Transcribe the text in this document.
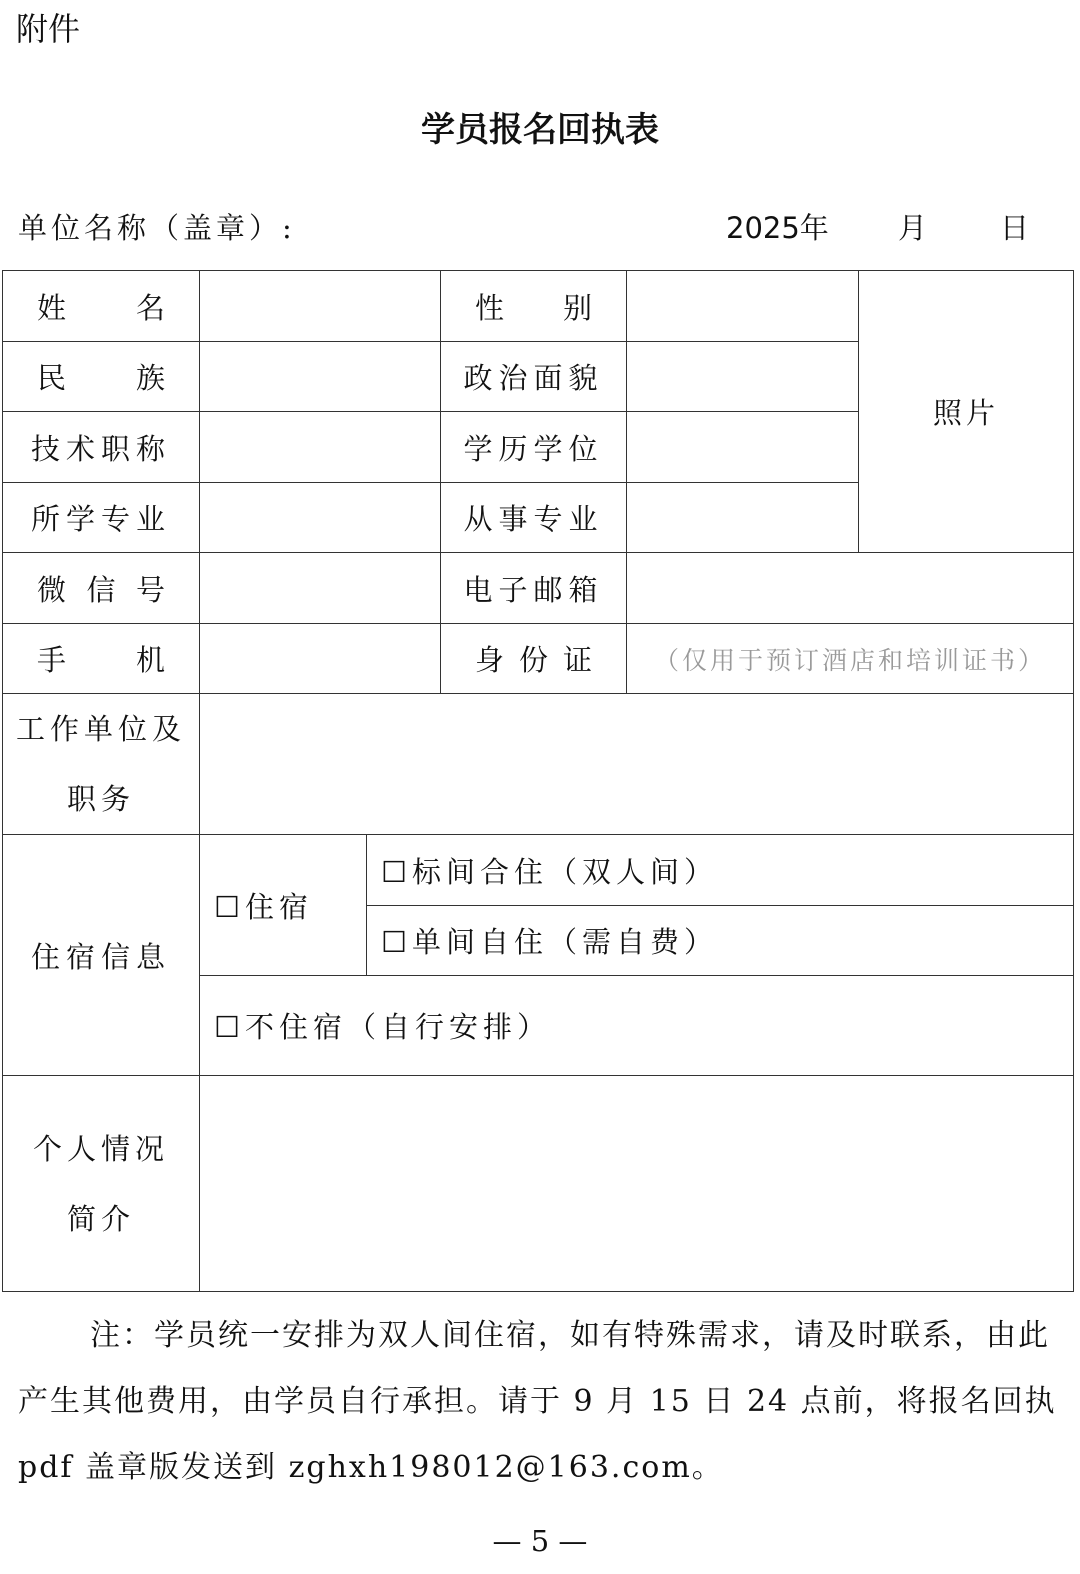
附件
学员报名回执表
单位名称（盖章）:	2025年 月	日
姓 名			性 别		照片

民 族			政治面貌		
技术职称			学历学位		
所学专业			从事专业		

微 信 号			电子邮箱		

手 机			身 份 证	（仅用于预订酒店和培训证书）	
工作单位及
职务					
住宿信息	☐住宿	☐标间合住（双人间）			
		☐单间自住（需自费）			
	☐不住宿（自行安排）				
个人情况
简介					
注：学员统一安排为双人间住宿，如有特殊需求，请及时联系，由此产生其他费用，由学员自行承担。请于 9 月 15 日 24 点前，将报名回执 pdf 盖章版发送到 zghxh198012@163.com。
— 5 —
